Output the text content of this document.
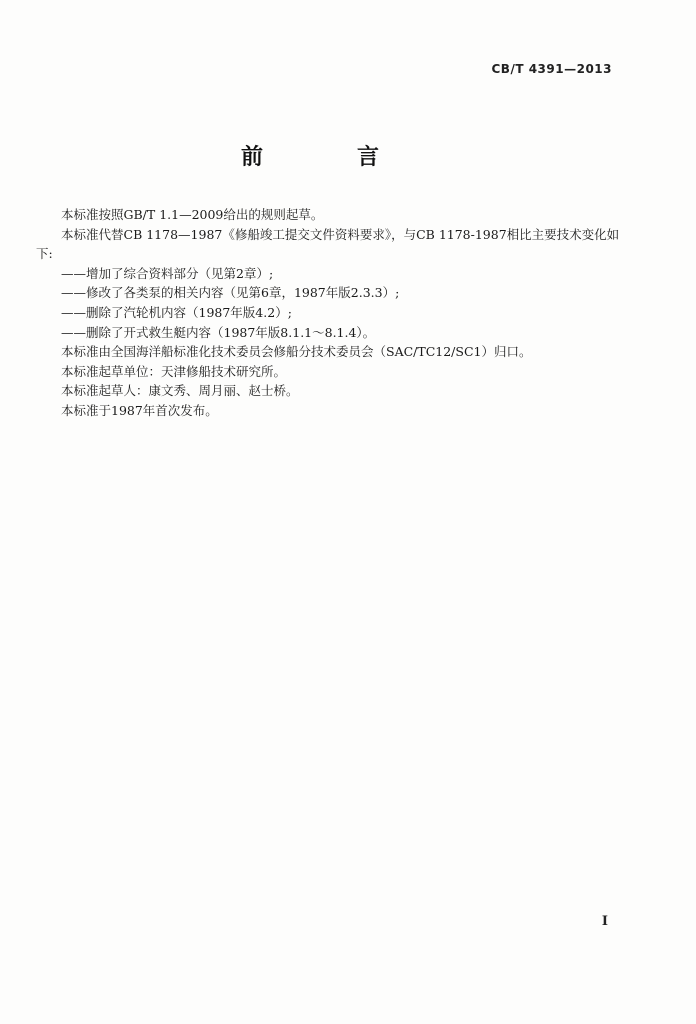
CB/T 4391—2013
前　言
本标准按照GB/T 1.1—2009给出的规则起草。
本标准代替CB 1178—1987《修船竣工提交文件资料要求》，与CB 1178-1987相比主要技术变化如
下:
——增加了综合资料部分（见第2章）;
——修改了各类泵的相关内容（见第6章，1987年版2.3.3）;
——删除了汽轮机内容（1987年版4.2）;
——删除了开式救生艇内容（1987年版8.1.1～8.1.4）。
本标准由全国海洋船标准化技术委员会修船分技术委员会（SAC/TC12/SC1）归口。
本标准起草单位：天津修船技术研究所。
本标准起草人：康文秀、周月丽、赵士桥。
本标准于1987年首次发布。
I
